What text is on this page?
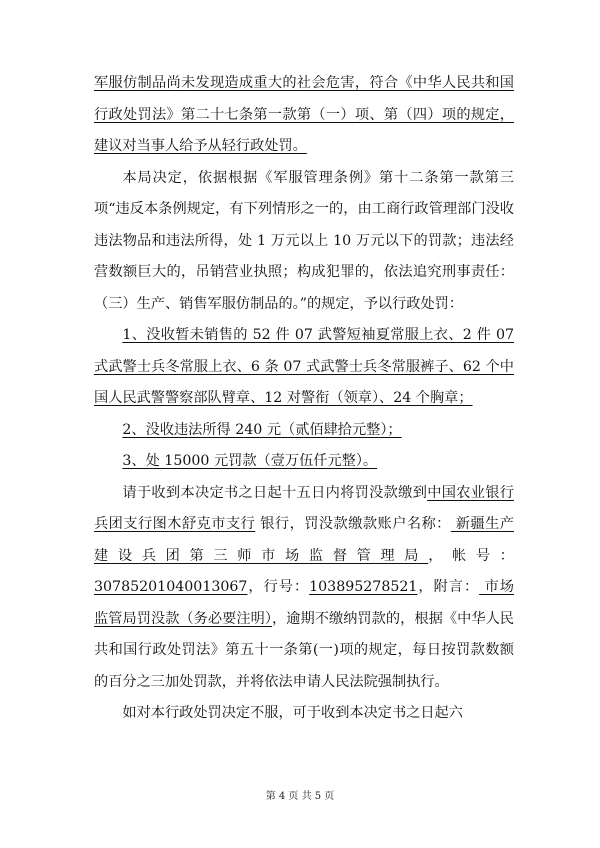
军服仿制品尚未发现造成重大的社会危害，符合《中华人民共和国行政处罚法》第二十七条第一款第（一）项、第（四）项的规定，建议对当事人给予从轻行政处罚。

本局决定，依据根据《军服管理条例》第十二条第一款第三项“违反本条例规定，有下列情形之一的，由工商行政管理部门没收违法物品和违法所得，处 1 万元以上 10 万元以下的罚款；违法经营数额巨大的，吊销营业执照；构成犯罪的，依法追究刑事责任：（三）生产、销售军服仿制品的。”的规定，予以行政处罚：

1、没收暂未销售的 52 件 07 武警短袖夏常服上衣、2 件 07 式武警士兵冬常服上衣、6 条 07 式武警士兵冬常服裤子、62 个中国人民武警警察部队臂章、12 对警衔（领章）、24 个胸章；

2、没收违法所得 240 元（贰佰肆拾元整）；

3、处 15000 元罚款（壹万伍仟元整）。

请于收到本决定书之日起十五日内将罚没款缴到中国农业银行兵团支行图木舒克市支行 银行，罚没款缴款账户名称： 新疆生产建设兵团第三师市场监督管理局，帐号：30785201040013067，行号：103895278521，附言： 市场监管局罚没款（务必要注明），逾期不缴纳罚款的，根据《中华人民共和国行政处罚法》第五十一条第(一)项的规定，每日按罚款数额的百分之三加处罚款，并将依法申请人民法院强制执行。

如对本行政处罚决定不服，可于收到本决定书之日起六

第 4 页 共 5 页
